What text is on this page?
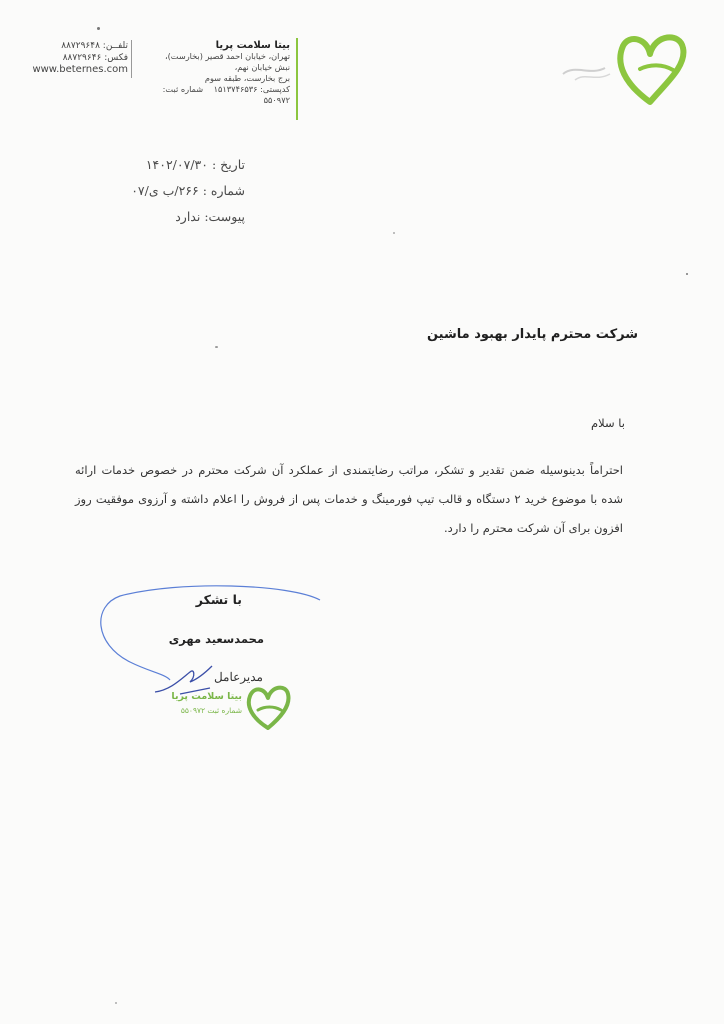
بیتا سلامت پریا
تهران، خیابان احمد قصیر (بخارست)،
نبش خیابان نهم،
برج بخارست، طبقه سوم
کدپستی: ۱۵۱۳۷۴۶۵۳۶    شماره ثبت: ۵۵۰۹۷۲
تلفــن: ۸۸۷۲۹۶۴۸
فکس: ۸۸۷۲۹۶۴۶
www.beternes.com
تاریخ : ۱۴۰۲/۰۷/۳۰
شماره : ۲۶۶/ب ی/۰۷
پیوست: ندارد
شرکت محترم پایدار بهبود ماشین
با سلام
احتراماً بدینوسیله ضمن تقدیر و تشکر، مراتب رضایتمندی از عملکرد آن شرکت محترم در خصوص خدمات ارائه شده با موضوع خرید ۲ دستگاه و قالب تیپ فورمینگ و خدمات پس از فروش را اعلام داشته و آرزوی موفقیت روز افزون برای آن شرکت محترم را دارد.
با تشکر
محمدسعید مهری
مدیرعامل
بیتا سلامت پریا
شماره ثبت ۵۵۰۹۷۲
